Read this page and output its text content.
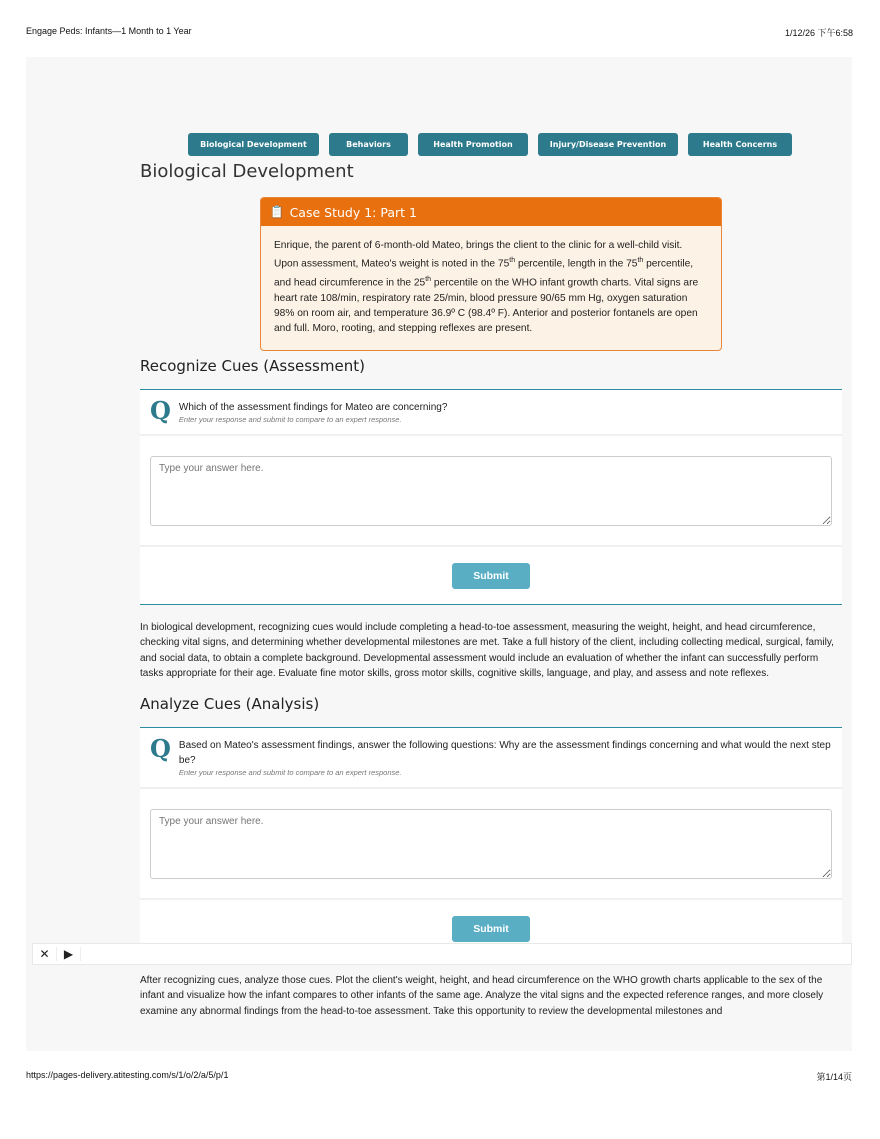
Engage Peds: Infants—1 Month to 1 Year	1/12/26 下午6:58
Biological Development	Behaviors	Health Promotion	Injury/Disease Prevention	Health Concerns
Biological Development
📋 Case Study 1: Part 1

Enrique, the parent of 6-month-old Mateo, brings the client to the clinic for a well-child visit. Upon assessment, Mateo's weight is noted in the 75th percentile, length in the 75th percentile, and head circumference in the 25th percentile on the WHO infant growth charts. Vital signs are heart rate 108/min, respiratory rate 25/min, blood pressure 90/65 mm Hg, oxygen saturation 98% on room air, and temperature 36.9º C (98.4º F). Anterior and posterior fontanels are open and full. Moro, rooting, and stepping reflexes are present.

Recognize Cues (Assessment)
Q Which of the assessment findings for Mateo are concerning?
Enter your response and submit to compare to an expert response.
Type your answer here.
Submit

In biological development, recognizing cues would include completing a head-to-toe assessment, measuring the weight, height, and head circumference, checking vital signs, and determining whether developmental milestones are met. Take a full history of the client, including collecting medical, surgical, family, and social data, to obtain a complete background. Developmental assessment would include an evaluation of whether the infant can successfully perform tasks appropriate for their age. Evaluate fine motor skills, gross motor skills, cognitive skills, language, and play, and assess and note reflexes.

Analyze Cues (Analysis)
Q Based on Mateo's assessment findings, answer the following questions: Why are the assessment findings concerning and what would the next step be?
Enter your response and submit to compare to an expert response.
Type your answer here.
Submit

After recognizing cues, analyze those cues. Plot the client's weight, height, and head circumference on the WHO growth charts applicable to the sex of the infant and visualize how the infant compares to other infants of the same age. Analyze the vital signs and the expected reference ranges, and more closely examine any abnormal findings from the head-to-toe assessment. Take this opportunity to review the developmental milestones and

✕	▶
https://pages-delivery.atitesting.com/s/1/o/2/a/5/p/1	第1/14页
